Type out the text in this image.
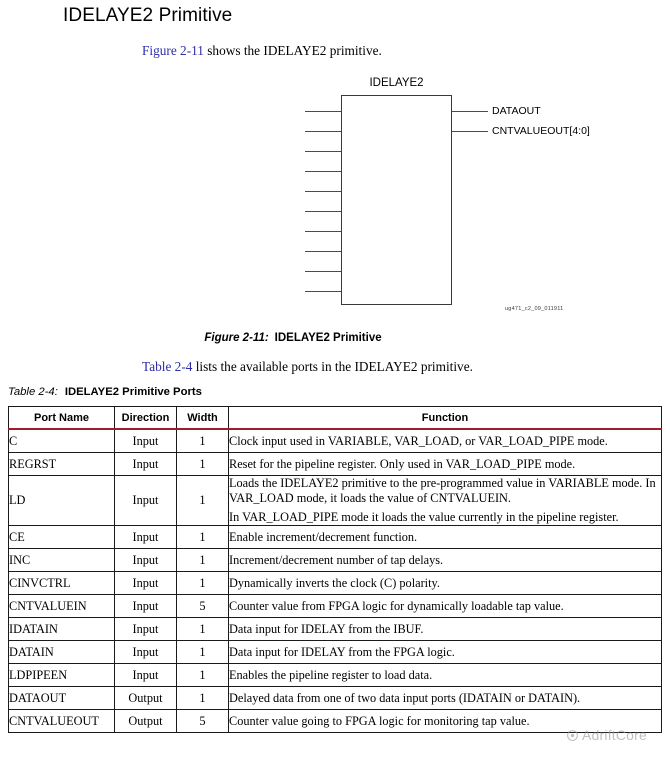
IDELAYE2 Primitive
Figure 2-11 shows the IDELAYE2 primitive.
IDELAYE2
DATAOUT
CNTVALUEOUT[4:0]
ug471_c2_09_011911
Figure 2-11: IDELAYE2 Primitive
Table 2-4 lists the available ports in the IDELAYE2 primitive.
Table 2-4: IDELAYE2 Primitive Ports
Port Name	Direction	Width	Function
C	Input	1	Clock input used in VARIABLE, VAR_LOAD, or VAR_LOAD_PIPE mode.

REGRST	Input	1	Reset for the pipeline register. Only used in VAR_LOAD_PIPE mode.

LD	Input	1	Loads the IDELAYE2 primitive to the pre-programmed value in VARIABLE mode. In VAR_LOAD mode, it loads the value of CNTVALUEIN.

In VAR_LOAD_PIPE mode it loads the value currently in the pipeline register.

CE	Input	1	Enable increment/decrement function.

INC	Input	1	Increment/decrement number of tap delays.

CINVCTRL	Input	1	Dynamically inverts the clock (C) polarity.

CNTVALUEIN	Input	5	Counter value from FPGA logic for dynamically loadable tap value.

IDATAIN	Input	1	Data input for IDELAY from the IBUF.

DATAIN	Input	1	Data input for IDELAY from the FPGA logic.

LDPIPEEN	Input	1	Enables the pipeline register to load data.

DATAOUT	Output	1	Delayed data from one of two data input ports (IDATAIN or DATAIN).

CNTVALUEOUT	Output	5	Counter value going to FPGA logic for monitoring tap value.

AdriftCore
